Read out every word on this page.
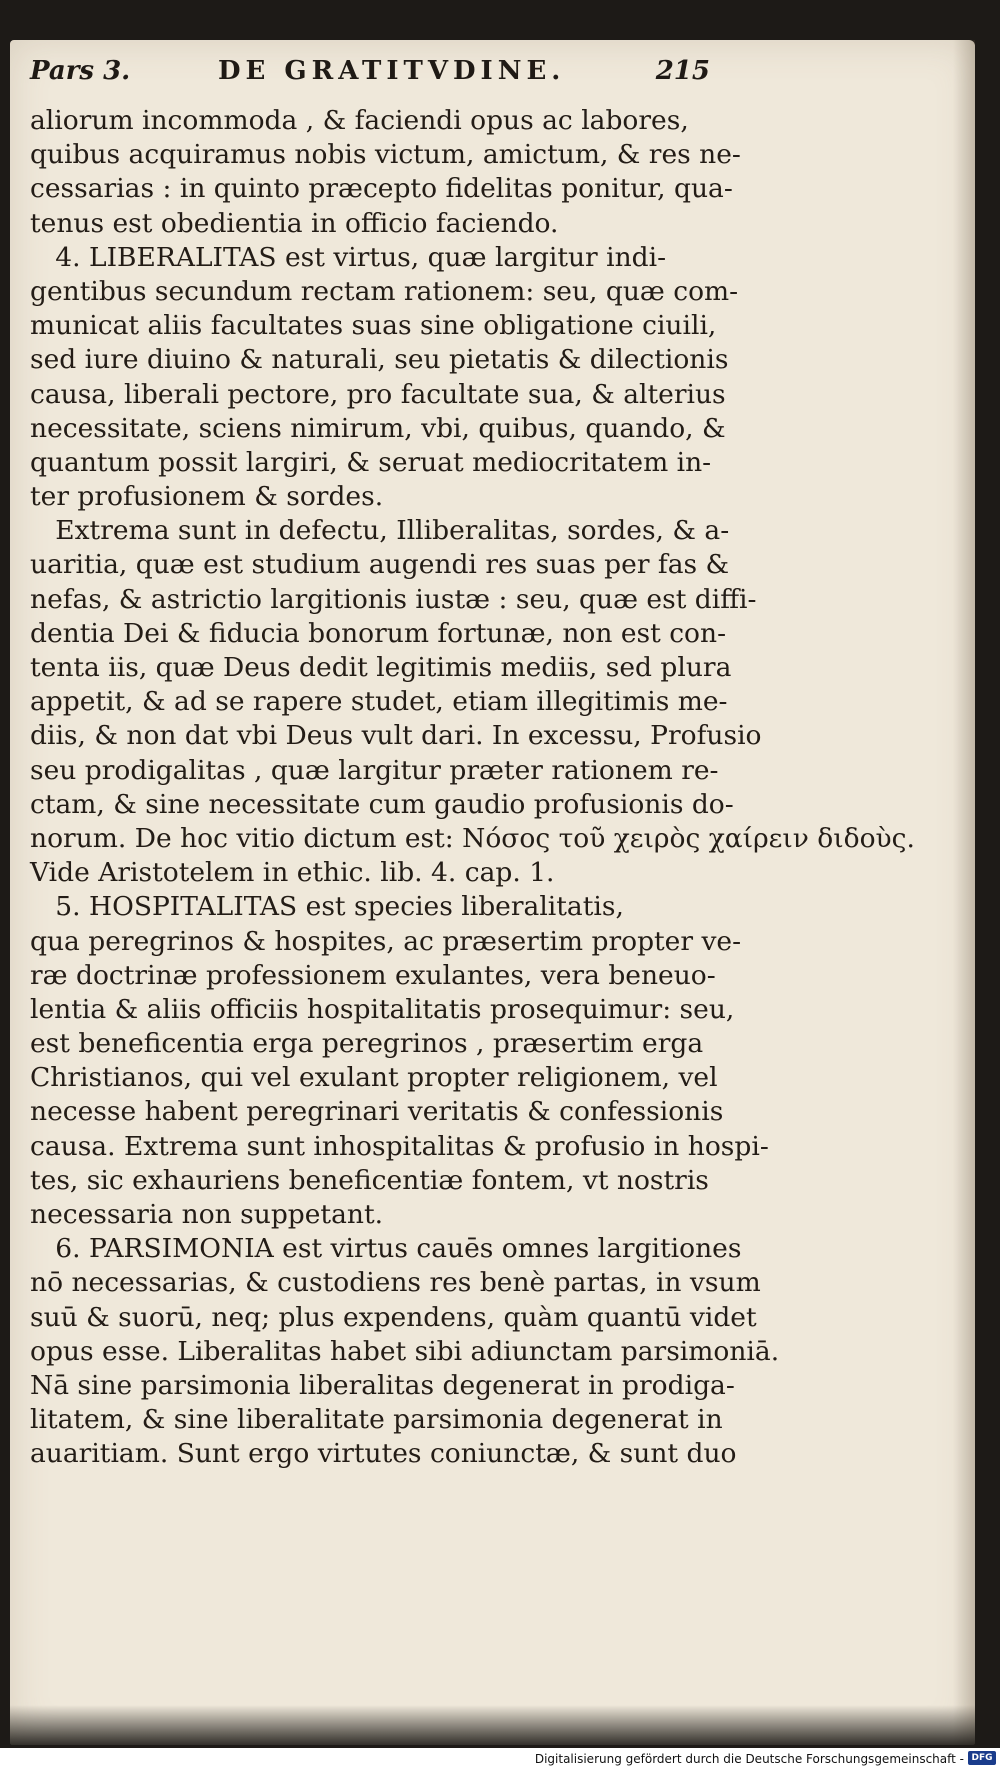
Pars 3.	DE GRATITVDINE.	215
aliorum incommoda , & faciendi opus ac labores,
quibus acquiramus nobis victum, amictum, & res ne-
cessarias : in quinto præcepto fidelitas ponitur, qua-
tenus est obedientia in officio faciendo.
4. LIBERALITAS est virtus, quæ largitur indi-
gentibus secundum rectam rationem: seu, quæ com-
municat aliis facultates suas sine obligatione ciuili,
sed iure diuino & naturali, seu pietatis & dilectionis
causa, liberali pectore, pro facultate sua, & alterius
necessitate, sciens nimirum, vbi, quibus, quando, &
quantum possit largiri, & seruat mediocritatem in-
ter profusionem & sordes.
Extrema sunt in defectu, Illiberalitas, sordes, & a-
uaritia, quæ est studium augendi res suas per fas &
nefas, & astrictio largitionis iustæ : seu, quæ est diffi-
dentia Dei & fiducia bonorum fortunæ, non est con-
tenta iis, quæ Deus dedit legitimis mediis, sed plura
appetit, & ad se rapere studet, etiam illegitimis me-
diis, & non dat vbi Deus vult dari. In excessu, Profusio
seu prodigalitas , quæ largitur præter rationem re-
ctam, & sine necessitate cum gaudio profusionis do-
norum. De hoc vitio dictum est: Νόσος τοῦ χειρὸς χαίρειν διδοὺς.
Vide Aristotelem in ethic. lib. 4. cap. 1.
5. HOSPITALITAS est species liberalitatis,
qua peregrinos & hospites, ac præsertim propter ve-
ræ doctrinæ professionem exulantes, vera beneuo-
lentia & aliis officiis hospitalitatis prosequimur: seu,
est beneficentia erga peregrinos , præsertim erga
Christianos, qui vel exulant propter religionem, vel
necesse habent peregrinari veritatis & confessionis
causa. Extrema sunt inhospitalitas & profusio in hospi-
tes, sic exhauriens beneficentiæ fontem, vt nostris
necessaria non suppetant.
6. PARSIMONIA est virtus cauēs omnes largitiones
nō necessarias, & custodiens res benè partas, in vsum
suū & suorū, neq; plus expendens, quàm quantū videt
opus esse. Liberalitas habet sibi adiunctam parsimoniā.
Nā sine parsimonia liberalitas degenerat in prodiga-
litatem, & sine liberalitate parsimonia degenerat in
auaritiam. Sunt ergo virtutes coniunctæ, & sunt duo
Digitalisierung gefördert durch die Deutsche Forschungsgemeinschaft - DFG
